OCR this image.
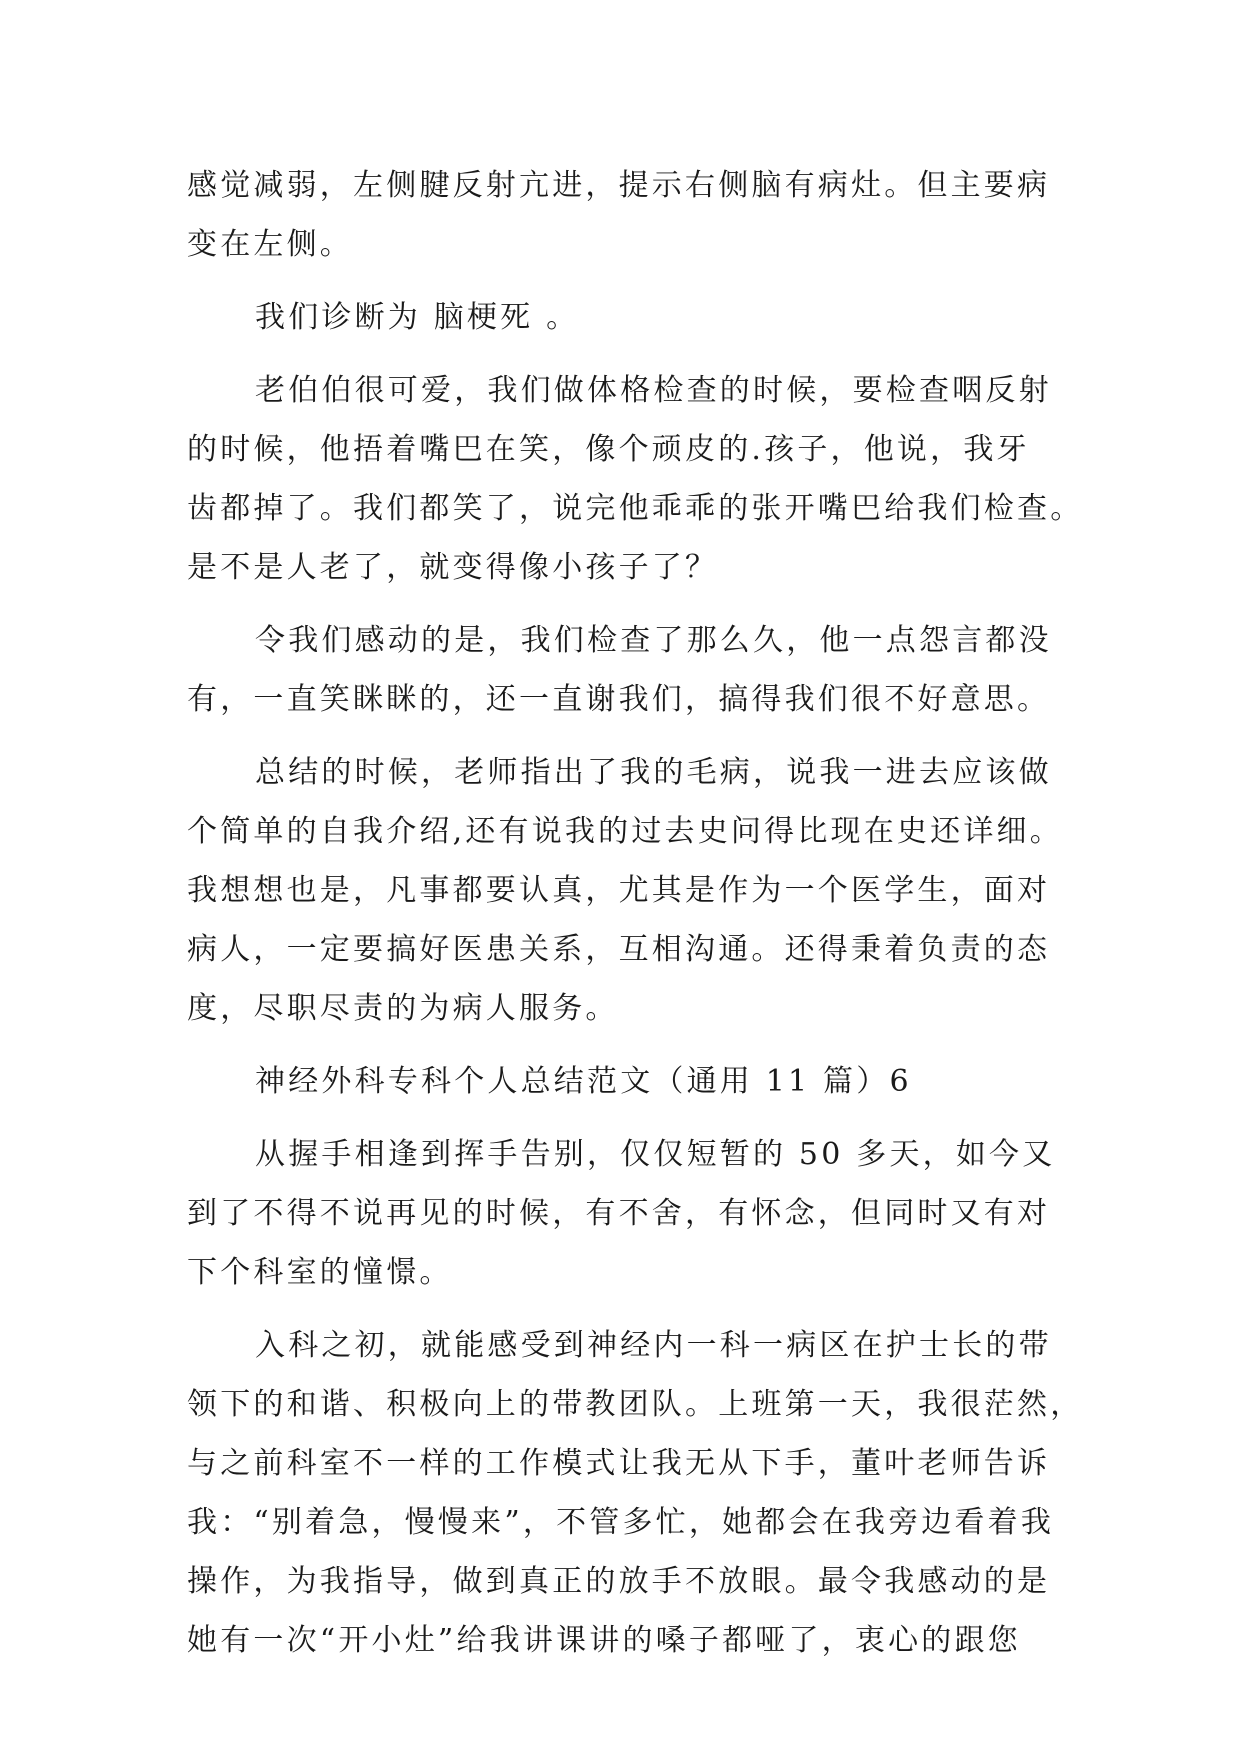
感觉减弱，左侧腱反射亢进，提示右侧脑有病灶。但主要病
变在左侧。
我们诊断为 脑梗死 。
老伯伯很可爱，我们做体格检查的时候，要检查咽反射
的时候，他捂着嘴巴在笑，像个顽皮的.孩子，他说，我牙
齿都掉了。我们都笑了，说完他乖乖的张开嘴巴给我们检查。
是不是人老了，就变得像小孩子了？
令我们感动的是，我们检查了那么久，他一点怨言都没
有，一直笑眯眯的，还一直谢我们，搞得我们很不好意思。
总结的时候，老师指出了我的毛病，说我一进去应该做
个简单的自我介绍,还有说我的过去史问得比现在史还详细。
我想想也是，凡事都要认真，尤其是作为一个医学生，面对
病人，一定要搞好医患关系，互相沟通。还得秉着负责的态
度，尽职尽责的为病人服务。
神经外科专科个人总结范文（通用 11 篇）6
从握手相逢到挥手告别，仅仅短暂的 50 多天，如今又
到了不得不说再见的时候，有不舍，有怀念，但同时又有对
下个科室的憧憬。
入科之初，就能感受到神经内一科一病区在护士长的带
领下的和谐、积极向上的带教团队。上班第一天，我很茫然，
与之前科室不一样的工作模式让我无从下手，董叶老师告诉
我：“别着急，慢慢来”，不管多忙，她都会在我旁边看着我
操作，为我指导，做到真正的放手不放眼。最令我感动的是
她有一次“开小灶”给我讲课讲的嗓子都哑了，衷心的跟您
